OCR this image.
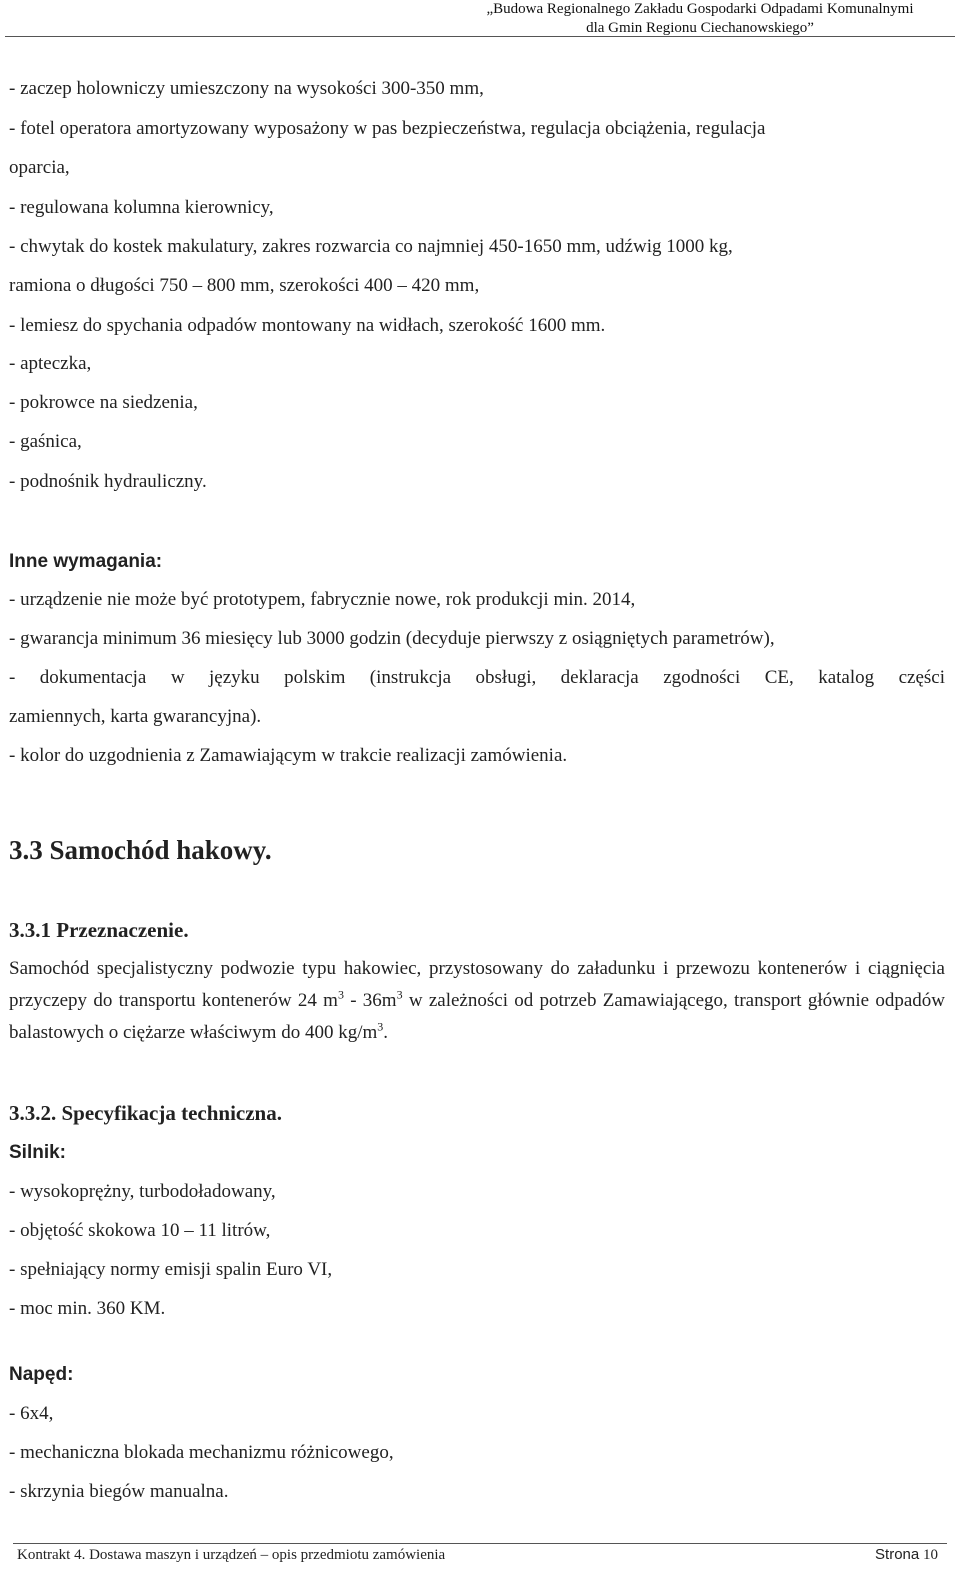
„Budowa Regionalnego Zakładu Gospodarki Odpadami Komunalnymi
dla Gmin Regionu Ciechanowskiego”
- zaczep holowniczy umieszczony na wysokości 300-350 mm,
- fotel operatora amortyzowany wyposażony w pas bezpieczeństwa, regulacja obciążenia, regulacja
oparcia,
- regulowana kolumna kierownicy,
- chwytak do kostek makulatury, zakres rozwarcia co najmniej 450-1650 mm, udźwig 1000 kg,
ramiona o długości 750 – 800 mm, szerokości 400 – 420 mm,
- lemiesz do spychania odpadów montowany na widłach, szerokość 1600 mm.
- apteczka,
- pokrowce na siedzenia,
- gaśnica,
- podnośnik hydrauliczny.
Inne wymagania:
- urządzenie nie może być prototypem, fabrycznie nowe, rok produkcji min. 2014,
- gwarancja minimum 36 miesięcy lub 3000 godzin (decyduje pierwszy z osiągniętych parametrów),
- dokumentacja w języku polskim (instrukcja obsługi, deklaracja zgodności CE, katalog części
zamiennych, karta gwarancyjna).
- kolor do uzgodnienia z Zamawiającym w trakcie realizacji zamówienia.
3.3 Samochód hakowy.
3.3.1 Przeznaczenie.
Samochód specjalistyczny podwozie typu hakowiec, przystosowany do załadunku i przewozu kontenerów i ciągnięcia przyczepy do transportu kontenerów 24 $m^3 - 36m^3$ w zależności od potrzeb Zamawiającego, transport głównie odpadów balastowych o ciężarze właściwym do 400 $kg/m^3$.
3.3.2. Specyfikacja techniczna.
Silnik:
- wysokoprężny, turbodoładowany,
- objętość skokowa 10 – 11 litrów,
- spełniający normy emisji spalin Euro VI,
- moc min. 360 KM.
Napęd:
- 6x4,
- mechaniczna blokada mechanizmu różnicowego,
- skrzynia biegów manualna.
Kontrakt 4. Dostawa maszyn i urządzeń – opis przedmiotu zamówienia	Strona 10
